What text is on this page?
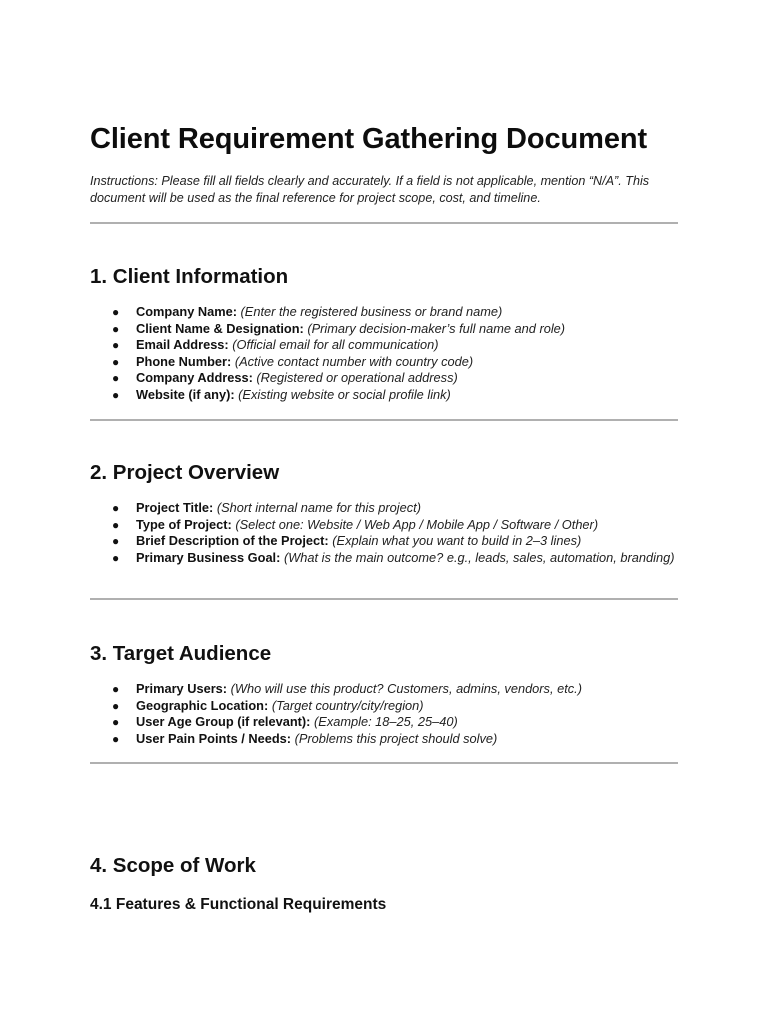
Client Requirement Gathering Document

Instructions: Please fill all fields clearly and accurately. If a field is not applicable, mention “N/A”. This document will be used as the final reference for project scope, cost, and timeline.

1. Client Information
● Company Name: (Enter the registered business or brand name)
● Client Name & Designation: (Primary decision-maker’s full name and role)
● Email Address: (Official email for all communication)
● Phone Number: (Active contact number with country code)
● Company Address: (Registered or operational address)
● Website (if any): (Existing website or social profile link)
2. Project Overview
● Project Title: (Short internal name for this project)
● Type of Project: (Select one: Website / Web App / Mobile App / Software / Other)
● Brief Description of the Project: (Explain what you want to build in 2–3 lines)
● Primary Business Goal: (What is the main outcome? e.g., leads, sales, automation, branding)
3. Target Audience
● Primary Users: (Who will use this product? Customers, admins, vendors, etc.)
● Geographic Location: (Target country/city/region)
● User Age Group (if relevant): (Example: 18–25, 25–40)
● User Pain Points / Needs: (Problems this project should solve)
4. Scope of Work
4.1 Features & Functional Requirements
